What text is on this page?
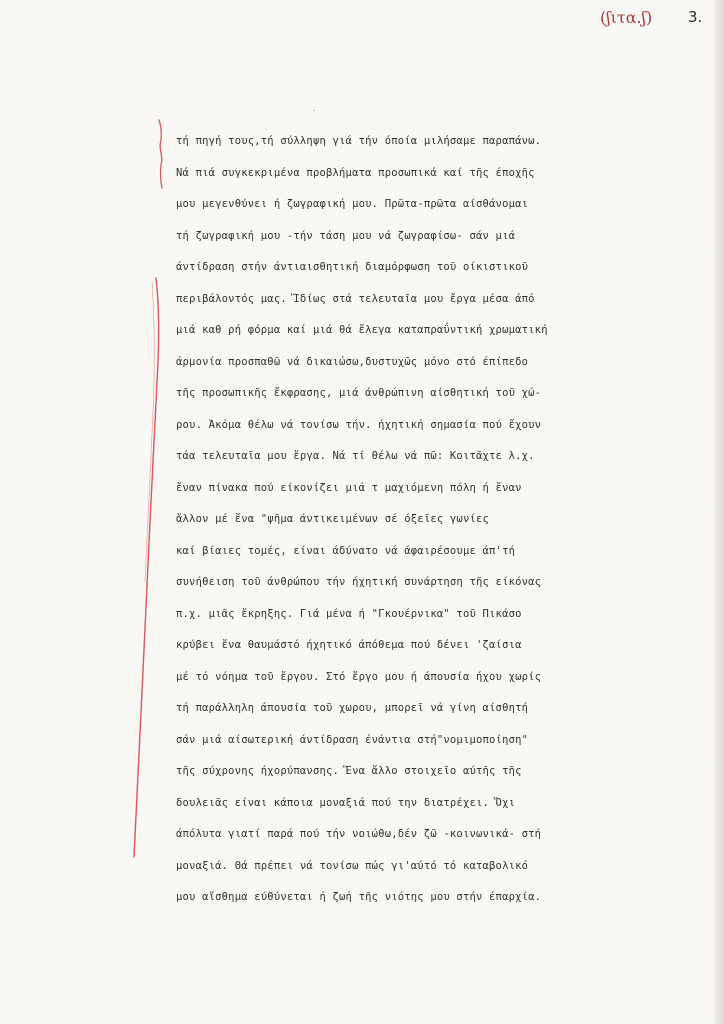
(ʃιτα.ʃ) 3.
·
τή πηγή τους,τή σύλληψη γιά τήν όποία μιλήσαμε παραπάνω.
Νά πιά συγκεκριμένα προβλήματα προσωπικά καί τῆς έποχῆς
μου μεγενθύνει ή ζωγραφική μου. Πρῶτα-πρῶτα αίσθάνομαι
τή ζωγραφική μου -τήν τάση μου νά ζωγραφίσω- σάν μιά
άντίδραση στήν άντιαισθητική διαμόρφωση τοῦ οίκιστικοῦ
περιβάλοντός μας. Ἴδίως στά τελευταῖα μου ἔργα μέσα άπό
μιά καθ ρή φόρμα καί μιά θά ἔλεγα καταπραΰντική χρωματική
άρμονία προσπαθῶ νά δικαιώσω,δυστυχῶς μόνο στό έπίπεδο
τῆς προσωπικῆς ἔκφρασης, μιά άνθρώπινη αίσθητική τοῦ χώ-
ρου. Ἀκόμα θέλω νά τονίσω τήν. ήχητική σημασία πού ἔχουν
τάα τελευταῖα μου ἔργα. Νά τί θέλω νά πῶ: Κοιτᾶχτε λ.χ.
ἔναν πίνακα πού είκονίζει μιά τ μαχιόμενη πόλη ή ἔναν
ἄλλον μέ ἔνα "ψῆμα άντικειμένων σέ όξεῖες γωνίες
καί βίαιες τομές, είναι άδύνατο νά άφαιρέσουμε άπ'τή
συνήθειση τοῦ άνθρώπου τήν ήχητική συνάρτηση τῆς είκόνας
π.χ. μιᾶς ἔκρηξης. Γιά μένα ή "Γκουέρνικα" τοῦ Πικάσο
κρύβει ἔνα θαυμάστό ήχητικό άπόθεμα πού δένει 'ζαίσια
μέ τό νόημα τοῦ ἔργου. Στό ἔργο μου ή άπουσία ήχου χωρίς
τή παράλληλη άπουσία τοῦ χωρου, μπορεῖ νά γίνη αίσθητή
σάν μιά αίσωτερική άντίδραση ένάντια στή"νομιμοποίηση"
τῆς σύχρονης ήχορύπανσης. Ἔνα ἄλλο στοιχεῖο αύτῆς τῆς
δουλειᾶς είναι κάποια μοναξιά πού την διατρέχει. Ὄχι
άπόλυτα γιατί παρά πού τήν νοιώθω,δέν ζῶ -κοινωνικά- στή
μοναξιά. Θά πρέπει νά τονίσω πώς γι'αύτό τό καταβολικό
μου αἴσθημα εύθύνεται ή ζωή τῆς νιότης μου στήν έπαρχία.
